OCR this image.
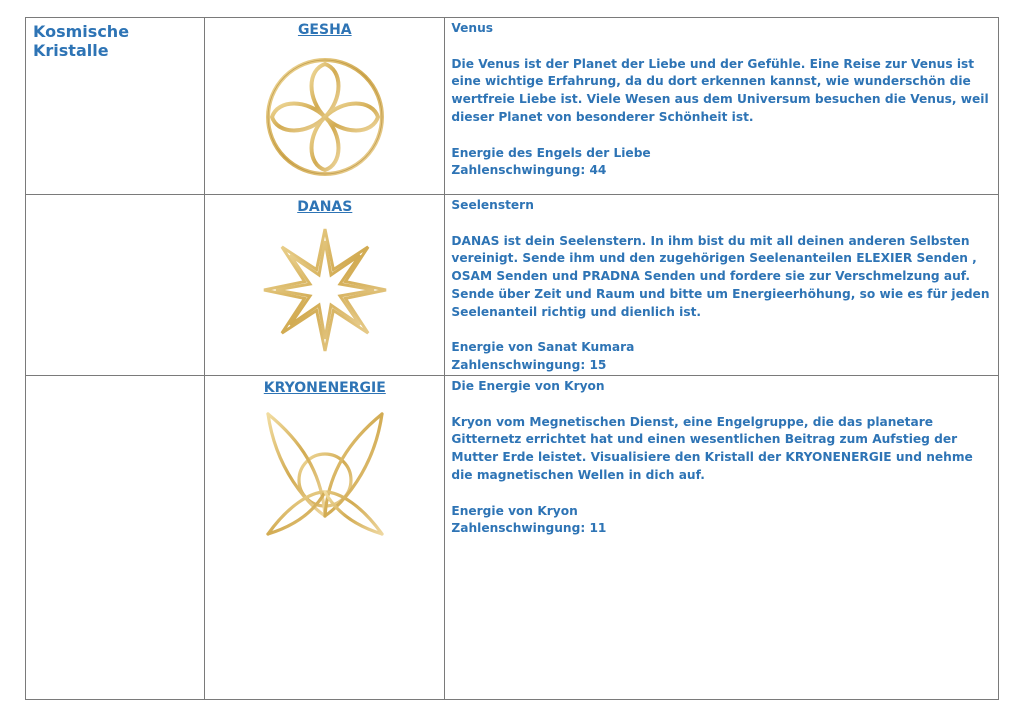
Kosmische Kristalle	GESHA	Venus

Die Venus ist der Planet der Liebe und der Gefühle. Eine Reise zur Venus ist eine wichtige Erfahrung, da du dort erkennen kannst, wie wunderschön die wertfreie Liebe ist. Viele Wesen aus dem Universum besuchen die Venus, weil dieser Planet von besonderer Schönheit ist.

Energie des Engels der Liebe

Zahlenschwingung: 44

	DANAS	Seelenstern

DANAS ist dein Seelenstern. In ihm bist du mit all deinen anderen Selbsten vereinigt. Sende ihm und den zugehörigen Seelenanteilen ELEXIER Senden , OSAM Senden und PRADNA Senden und fordere sie zur Verschmelzung auf. Sende über Zeit und Raum und bitte um Energieerhöhung, so wie es für jeden Seelenanteil richtig und dienlich ist.

Energie von Sanat Kumara

Zahlenschwingung: 15

	KRYONENERGIE	Die Energie von Kryon

Kryon vom Megnetischen Dienst, eine Engelgruppe, die das planetare Gitternetz errichtet hat und einen wesentlichen Beitrag zum Aufstieg der Mutter Erde leistet. Visualisiere den Kristall der KRYONENERGIE und nehme die magnetischen Wellen in dich auf.

Energie von Kryon

Zahlenschwingung: 11
